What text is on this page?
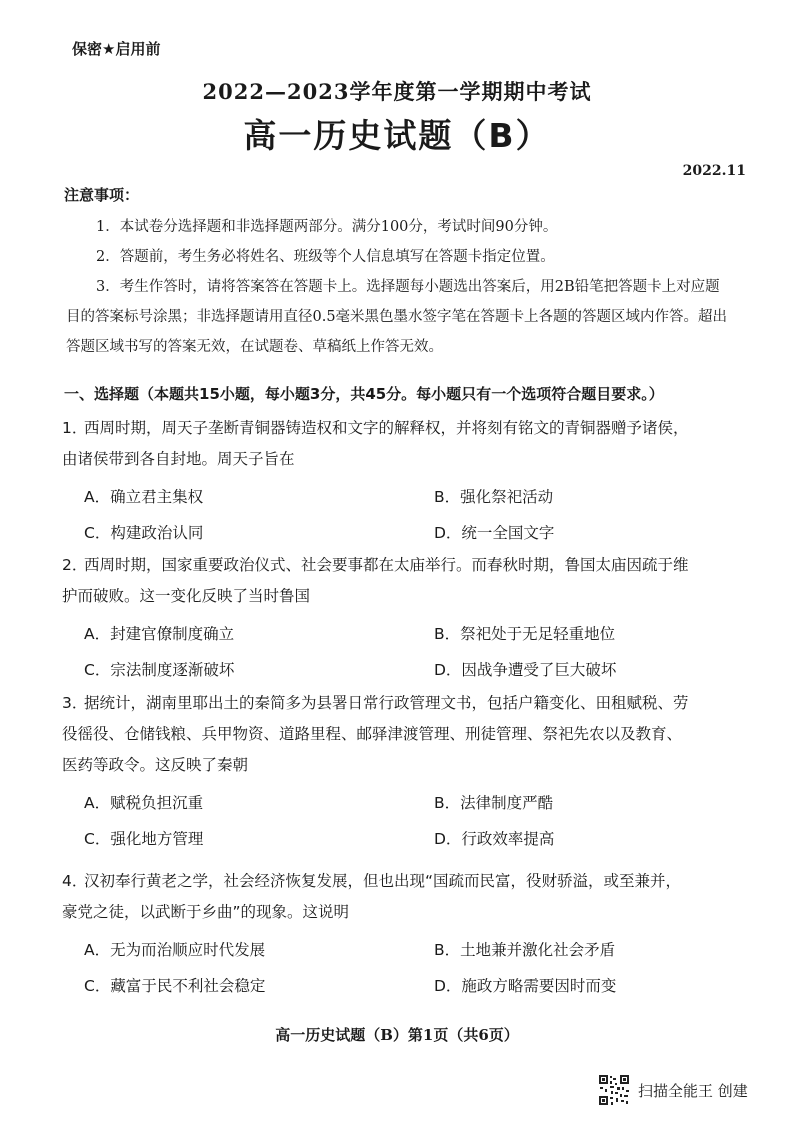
保密★启用前
2022—2023学年度第一学期期中考试
高一历史试题（B）
2022.11
注意事项：

1．本试卷分选择题和非选择题两部分。满分100分，考试时间90分钟。

2．答题前，考生务必将姓名、班级等个人信息填写在答题卡指定位置。

3．考生作答时，请将答案答在答题卡上。选择题每小题选出答案后，用2B铅笔把答题卡上对应题目的答案标号涂黑；非选择题请用直径0.5毫米黑色墨水签字笔在答题卡上各题的答题区域内作答。超出答题区域书写的答案无效，在试题卷、草稿纸上作答无效。

一、选择题（本题共15小题，每小题3分，共45分。每小题只有一个选项符合题目要求。）
1．西周时期，周天子垄断青铜器铸造权和文字的解释权，并将刻有铭文的青铜器赠予诸侯，
由诸侯带到各自封地。周天子旨在
A．确立君主集权	B．强化祭祀活动
C．构建政治认同	D．统一全国文字
2．西周时期，国家重要政治仪式、社会要事都在太庙举行。而春秋时期，鲁国太庙因疏于维
护而破败。这一变化反映了当时鲁国
A．封建官僚制度确立	B．祭祀处于无足轻重地位
C．宗法制度逐渐破坏	D．因战争遭受了巨大破坏
3．据统计，湖南里耶出土的秦简多为县署日常行政管理文书，包括户籍变化、田租赋税、劳
役徭役、仓储钱粮、兵甲物资、道路里程、邮驿津渡管理、刑徒管理、祭祀先农以及教育、
医药等政令。这反映了秦朝
A．赋税负担沉重	B．法律制度严酷
C．强化地方管理	D．行政效率提高
4．汉初奉行黄老之学，社会经济恢复发展，但也出现“国疏而民富，役财骄溢，或至兼并，
豪党之徒，以武断于乡曲”的现象。这说明
A．无为而治顺应时代发展	B．土地兼并激化社会矛盾
C．藏富于民不利社会稳定	D．施政方略需要因时而变
高一历史试题（B）第1页（共6页）
扫描全能王 创建
